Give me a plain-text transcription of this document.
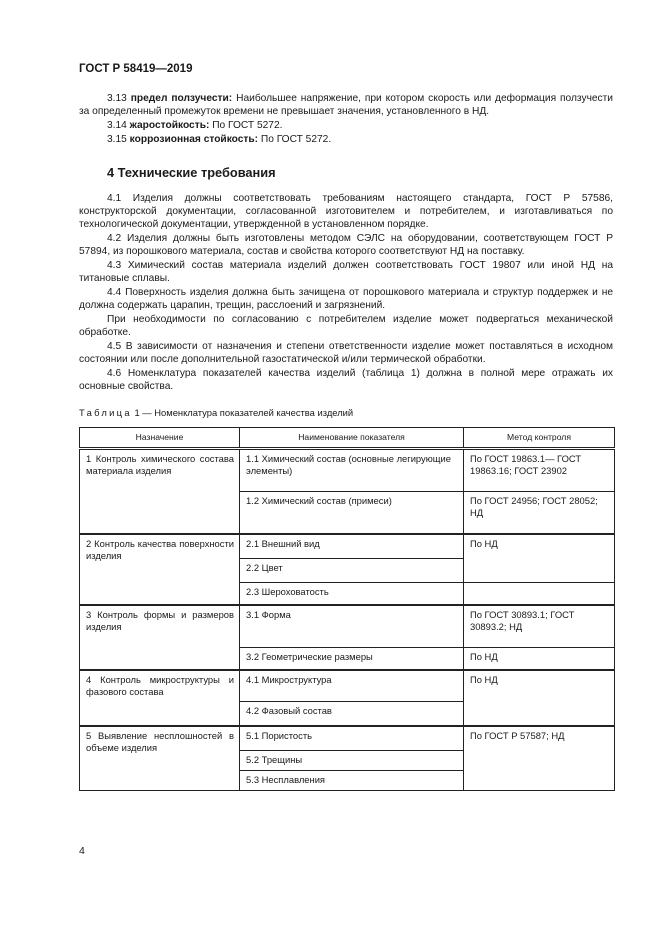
ГОСТ Р 58419—2019

3.13 предел ползучести: Наибольшее напряжение, при котором скорость или деформация ползучести за определенный промежуток времени не превышает значения, установленного в НД.

3.14 жаростойкость: По ГОСТ 5272.

3.15 коррозионная стойкость: По ГОСТ 5272.

4 Технические требования

4.1 Изделия должны соответствовать требованиям настоящего стандарта, ГОСТ Р 57586, конструкторской документации, согласованной изготовителем и потребителем, и изготавливаться по технологической документации, утвержденной в установленном порядке.

4.2 Изделия должны быть изготовлены методом СЭЛС на оборудовании, соответствующем ГОСТ Р 57894, из порошкового материала, состав и свойства которого соответствуют НД на поставку.

4.3 Химический состав материала изделий должен соответствовать ГОСТ 19807 или иной НД на титановые сплавы.

4.4 Поверхность изделия должна быть зачищена от порошкового материала и структур поддержек и не должна содержать царапин, трещин, расслоений и загрязнений.

При необходимости по согласованию с потребителем изделие может подвергаться механической обработке.

4.5 В зависимости от назначения и степени ответственности изделие может поставляться в исходном состоянии или после дополнительной газостатической и/или термической обработки.

4.6 Номенклатура показателей качества изделий (таблица 1) должна в полной мере отражать их основные свойства.

Таблица 1 — Номенклатура показателей качества изделий
Назначение	Наименование показателя	Метод контроля
1 Контроль химического состава материала изделия	1.1 Химический состав (основные легирующие элементы)	По ГОСТ 19863.1— ГОСТ 19863.16; ГОСТ 23902
	1.2 Химический состав (примеси)	По ГОСТ 24956; ГОСТ 28052; НД
2 Контроль качества поверхности изделия	2.1 Внешний вид	По НД
	2.2 Цвет	
	2.3 Шероховатость	
3 Контроль формы и размеров изделия	3.1 Форма	По ГОСТ 30893.1; ГОСТ 30893.2; НД
	3.2 Геометрические размеры	По НД
4 Контроль микроструктуры и фазового состава	4.1 Микроструктура	По НД
	4.2 Фазовый состав	
5 Выявление несплошностей в объеме изделия	5.1 Пористость	По ГОСТ Р 57587; НД
	5.2 Трещины	
	5.3 Несплавления	
4
